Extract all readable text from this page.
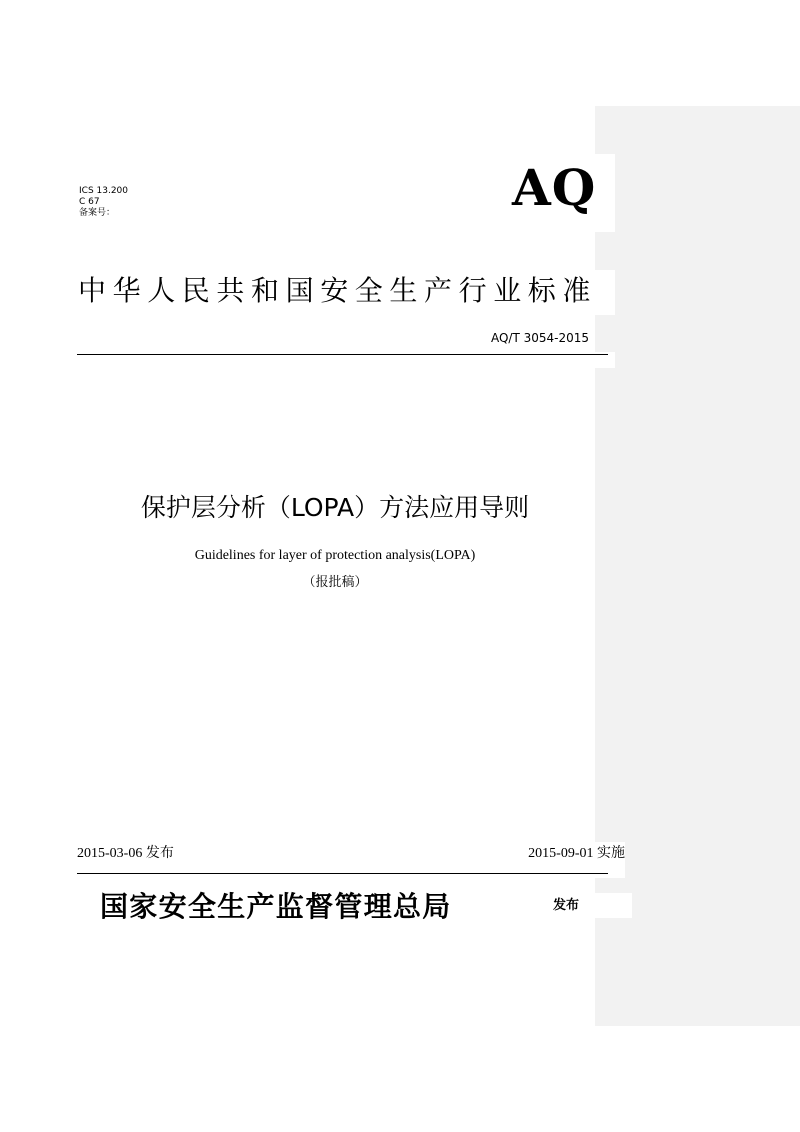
ICS 13.200
C 67
备案号：	AQ
中华人民共和国安全生产行业标准
AQ/T 3054-2015
保护层分析（LOPA）方法应用导则
Guidelines for layer of protection analysis(LOPA)
（报批稿）
2015-03-06 发布	2015-09-01 实施
国家安全生产监督管理总局	发布
